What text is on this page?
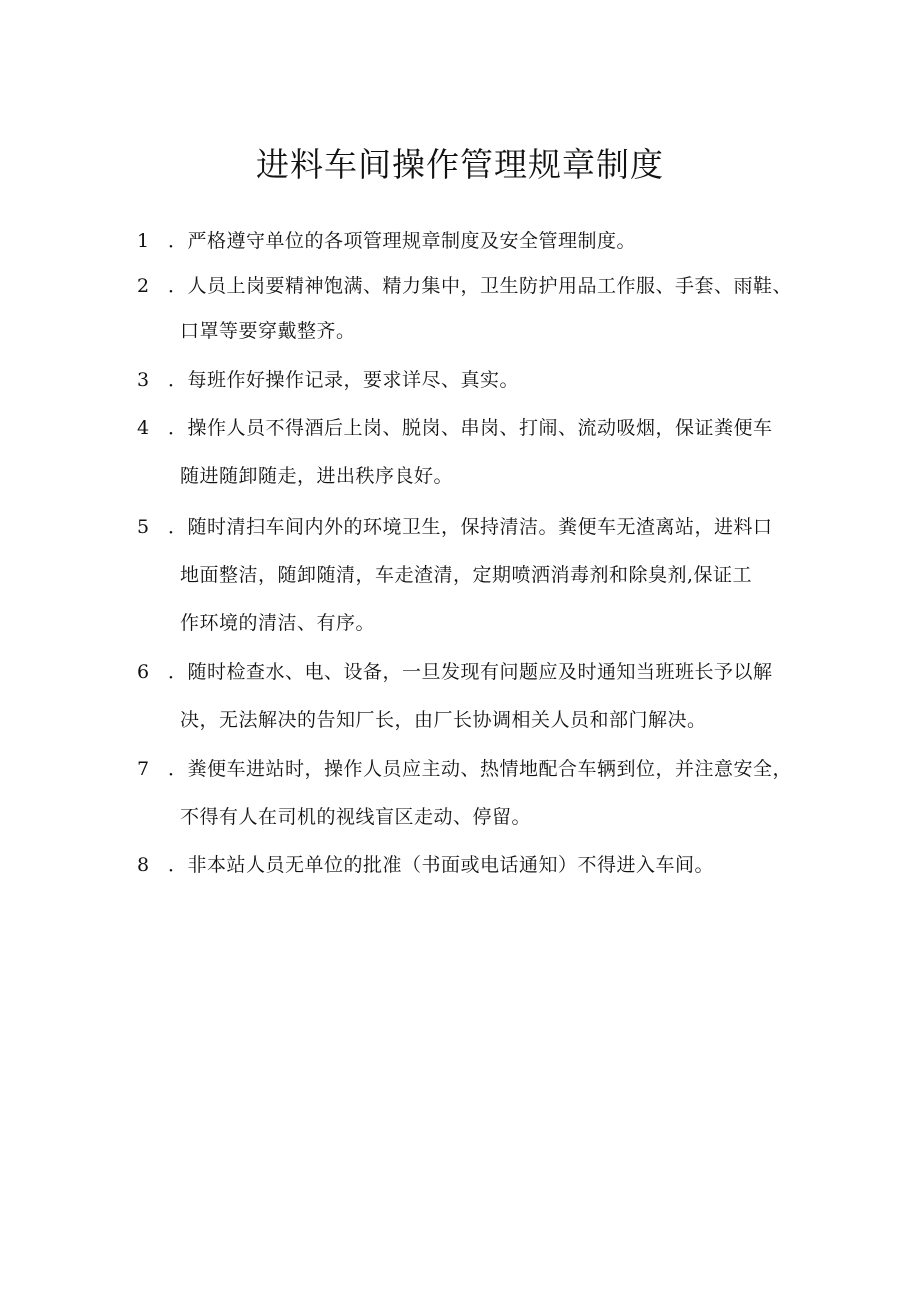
进料车间操作管理规章制度
1 ．严格遵守单位的各项管理规章制度及安全管理制度。
2 ．人员上岗要精神饱满、精力集中，卫生防护用品工作服、手套、雨鞋、
口罩等要穿戴整齐。
3 ．每班作好操作记录，要求详尽、真实。
4 ．操作人员不得酒后上岗、脱岗、串岗、打闹、流动吸烟，保证粪便车
随进随卸随走，进出秩序良好。
5 ．随时清扫车间内外的环境卫生，保持清洁。粪便车无渣离站，进料口
地面整洁，随卸随清，车走渣清，定期喷洒消毒剂和除臭剂,保证工
作环境的清洁、有序。
6 ．随时检查水、电、设备，一旦发现有问题应及时通知当班班长予以解
决，无法解决的告知厂长，由厂长协调相关人员和部门解决。
7 ．粪便车进站时，操作人员应主动、热情地配合车辆到位，并注意安全，
不得有人在司机的视线盲区走动、停留。
8 ．非本站人员无单位的批准（书面或电话通知）不得进入车间。
